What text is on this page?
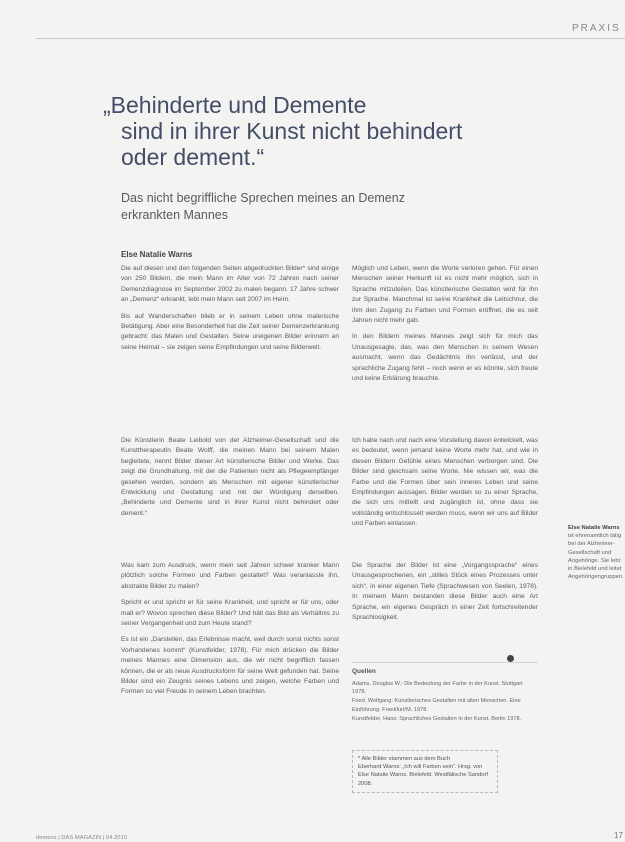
PRAXIS
„Behinderte und Demente
sind in ihrer Kunst nicht behindert
oder dement.“
Das nicht begriffliche Sprechen meines an Demenz
erkrankten Mannes
Else Natalie Warns

Die auf diesen und den folgenden Seiten abgedruckten Bilder* sind einige von 250 Bildern, die mein Mann im Alter von 72 Jahren nach seiner Demenzdiagnose im September 2002 zu malen begann. 17 Jahre schwer an „Demenz“ erkrankt, lebt mein Mann seit 2007 im Heim.

Bis auf Wanderschaften blieb er in seinem Leben ohne malerische Betätigung. Aber eine Besonderheit hat die Zeit seiner Demenzerkrankung gebracht: das Malen und Gestalten. Seine ureigenen Bilder erinnern an seine Heimat – sie zeigen seine Empfindungen und seine Bilderwelt.

Die Künstlerin Beate Leibold von der Alzheimer-Gesellschaft und die Kunsttherapeutin Beate Wolff, die meinen Mann bei seinem Malen begleitete, nennt Bilder dieser Art künstlerische Bilder und Werke. Das zeigt die Grundhaltung, mit der die Patienten nicht als Pflegeempfänger gesehen werden, sondern als Menschen mit eigener künstlerischer Entwicklung und Gestaltung und mit der Würdigung derselben. „Behinderte und Demente sind in ihrer Kunst nicht behindert oder dement.“

Was kam zum Ausdruck, wenn mein seit Jahren schwer kranker Mann plötzlich solche Formen und Farben gestaltet? Was veranlasste ihn, abstrakte Bilder zu malen?

Spricht er und spricht er für seine Krankheit, und spricht er für uns, oder malt er? Wovon sprechen diese Bilder? Und hält das Bild als Verhältnis zu seiner Vergangenheit und zum Heute stand?

Es ist ein „Darstellen, das Erlebnisse macht, weil durch sonst nichts sonst Vorhandenes kommt“ (Kunstfelder, 1978). Für mich drücken die Bilder meines Mannes eine Dimension aus, die wir nicht begrifflich fassen können, die er als neue Ausdrucksform für seine Welt gefunden hat. Seine Bilder sind ein Zeugnis seines Lebens und zeigen, welche Farben und Formen so viel Freude in seinem Leben brachten.

Möglich und Leben, wenn die Worte verloren gehen. Für einen Menschen seiner Herkunft ist es nicht mehr möglich, sich in Sprache mitzuteilen. Das künstlerische Gestalten wird für ihn zur Sprache. Manchmal ist seine Krankheit die Leitschnur, die ihm den Zugang zu Farben und Formen eröffnet, die es seit Jahren nicht mehr gab.

In den Bildern meines Mannes zeigt sich für mich das Unausgesagte, das, was den Menschen in seinem Wesen ausmacht, wenn das Gedächtnis ihn verlässt, und der sprachliche Zugang fehlt – noch wenn er es könnte, sich freute und keine Erklärung brauchte.

Ich habe nach und nach eine Vorstellung davon entwickelt, was es bedeutet, wenn jemand keine Worte mehr hat, und wie in diesen Bildern Gefühle eines Menschen verborgen sind. Die Bilder sind gleichsam seine Worte. Nie wissen wir, was die Farbe und die Formen über sein inneres Leben und seine Empfindungen aussagen. Bilder werden so zu einer Sprache, die sich uns mitteilt und zugänglich ist, ohne dass sie vollständig entschlüsselt werden muss, wenn wir uns auf Bilder und Farben einlassen.

Die Sprache der Bilder ist eine „Vorgangssprache“ eines Unausgesprochenen, ein „stilles Stück eines Prozesses unter sich“, in einer eigenen Tiefe (Sprachwesen von Seelen, 1978). In meinem Mann bestanden diese Bilder auch eine Art Sprache, ein eigenes Gespräch in einer Zeit fortschreitender Sprachlosigkeit.

Quellen
Adams, Douglas W.: Die Bedeutung der Farbe in der Kunst. Stuttgart 1978.
Fried, Wolfgang: Künstlerisches Gestalten mit alten Menschen. Eine Einführung. Frankfurt/M. 1978.
Kunstfelder, Hans: Sprachliches Gestalten in der Kunst. Berlin 1978.
* Alle Bilder stammen aus dem Buch
Eberhard Warns: „Ich will Farben sein“. Hrsg. von Else Natalie Warns. Bielefeld, Westfälische Sandorf 2008.
Else Natalie Warns ist ehrenamtlich tätig bei der Alzheimer-Gesellschaft und Angehörige. Sie lebt in Bielefeld und leitet Angehörigengruppen.
demenz | DAS MAGAZIN | 04.2010	17
